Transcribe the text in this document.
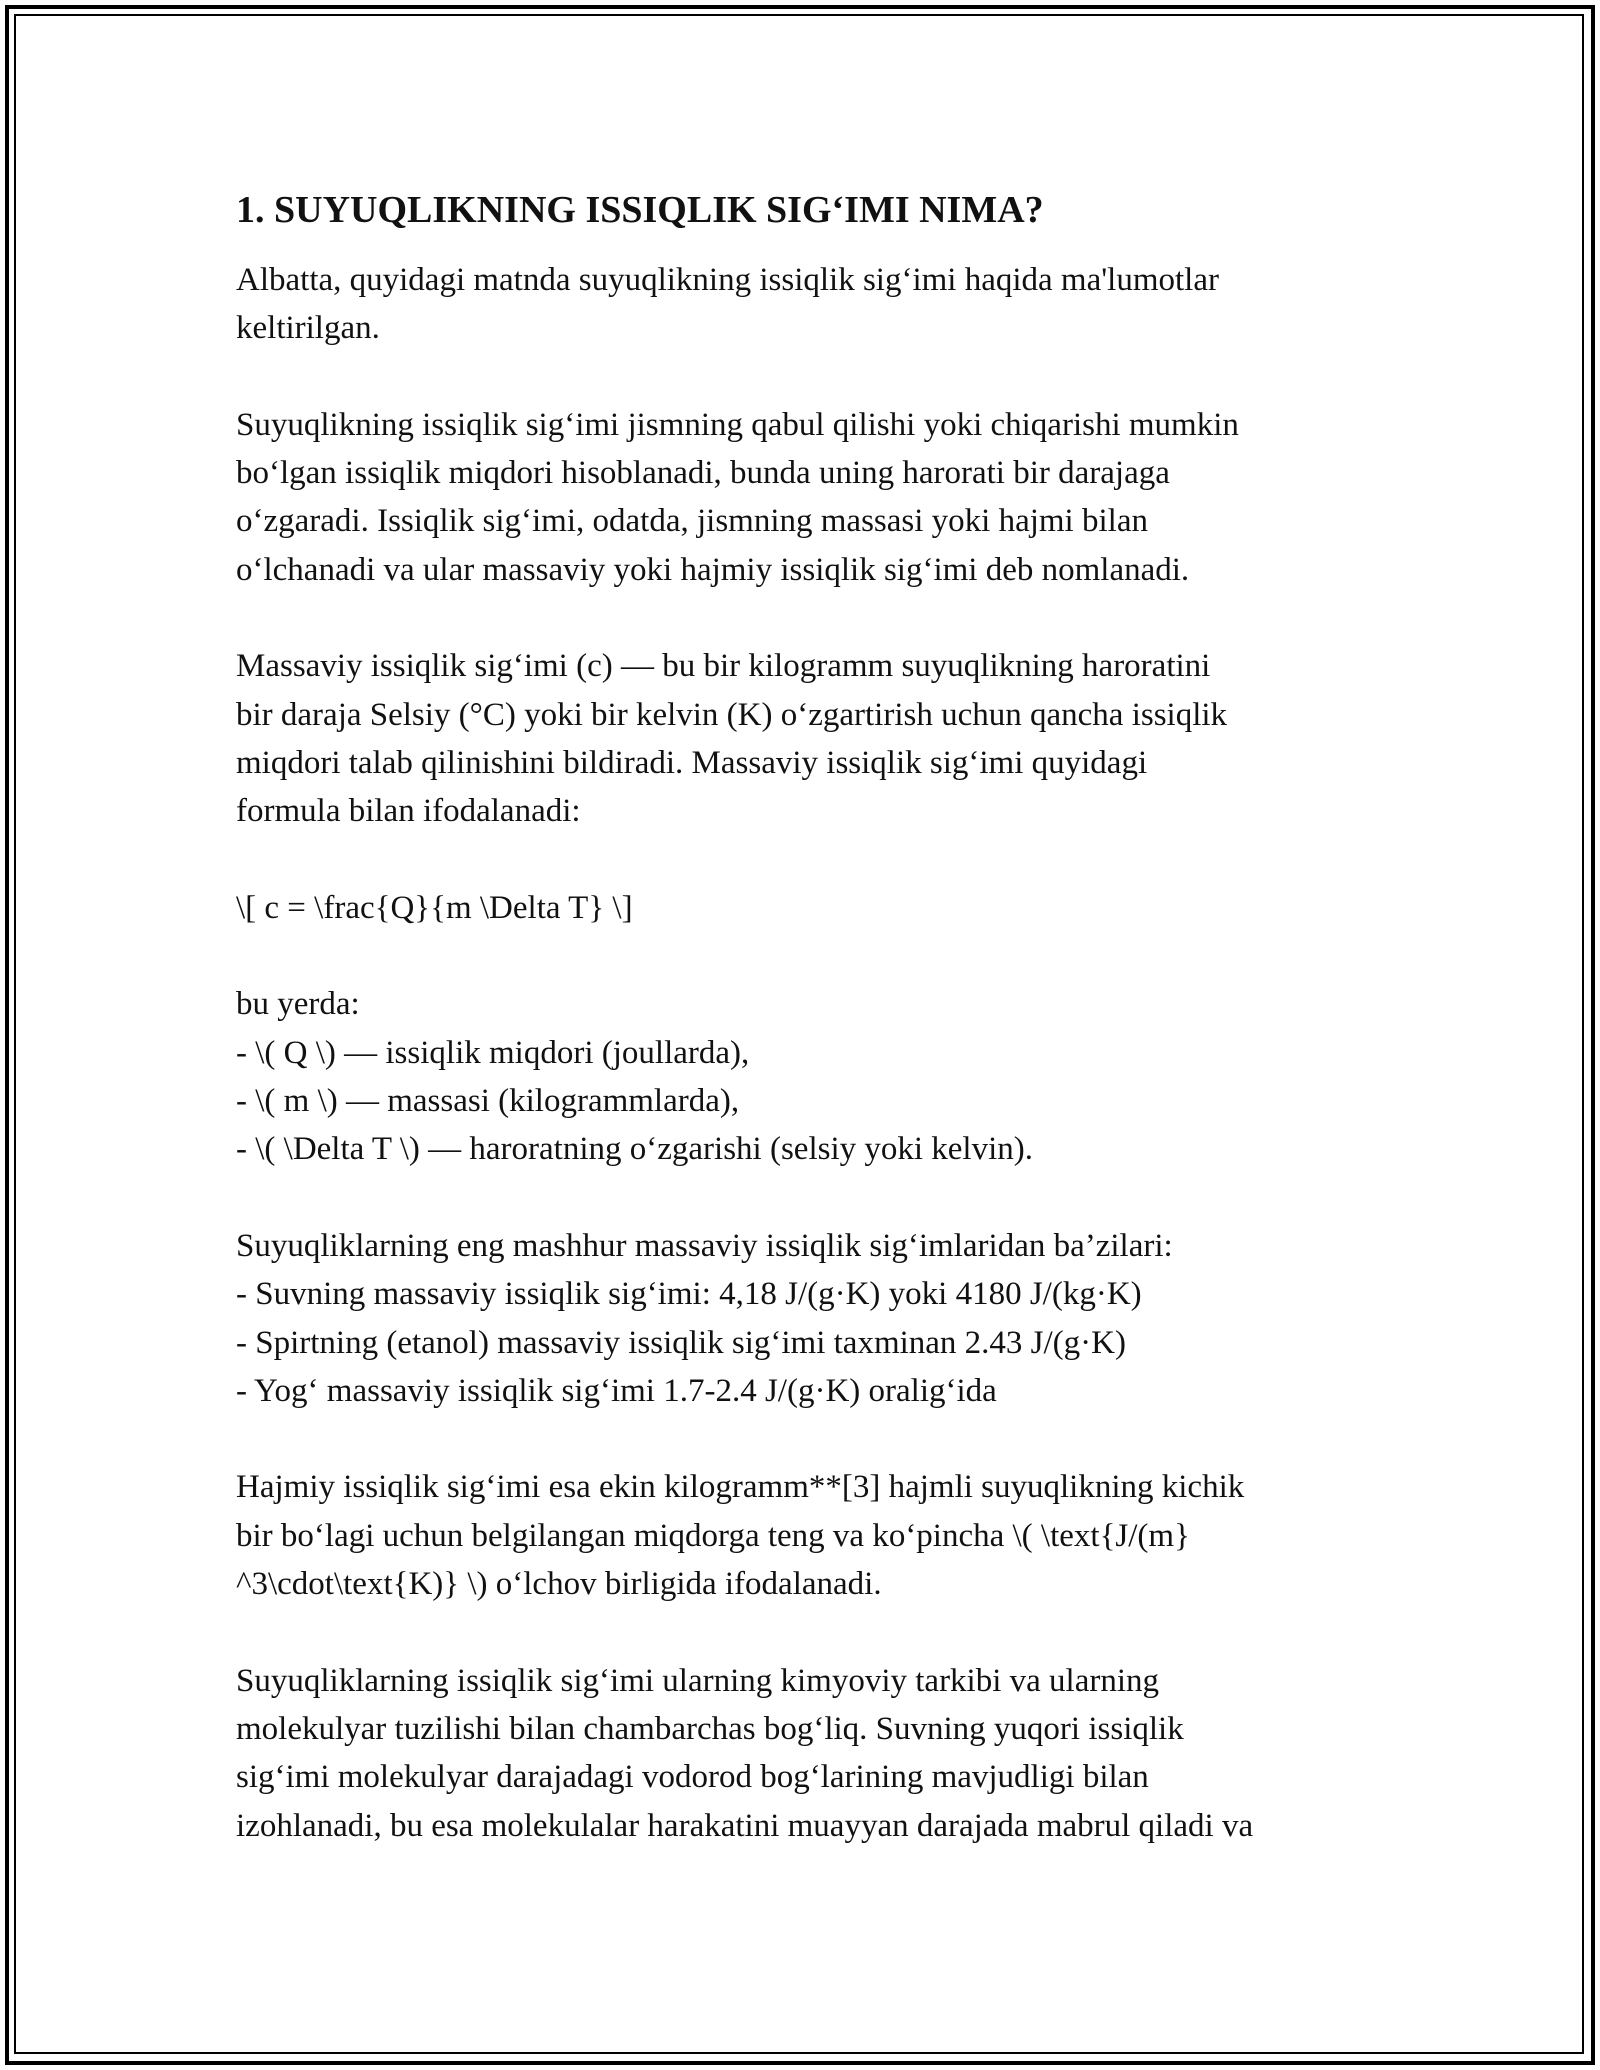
1. SUYUQLIKNING ISSIQLIK SIG‘IMI NIMA?

Albatta, quyidagi matnda suyuqlikning issiqlik sig‘imi haqida ma'lumotlar
keltirilgan.

Suyuqlikning issiqlik sig‘imi jismning qabul qilishi yoki chiqarishi mumkin
bo‘lgan issiqlik miqdori hisoblanadi, bunda uning harorati bir darajaga
o‘zgaradi. Issiqlik sig‘imi, odatda, jismning massasi yoki hajmi bilan
o‘lchanadi va ular massaviy yoki hajmiy issiqlik sig‘imi deb nomlanadi.

Massaviy issiqlik sig‘imi (c) — bu bir kilogramm suyuqlikning haroratini
bir daraja Selsiy (°C) yoki bir kelvin (K) o‘zgartirish uchun qancha issiqlik
miqdori talab qilinishini bildiradi. Massaviy issiqlik sig‘imi quyidagi
formula bilan ifodalanadi:

\[ c = \frac{Q}{m \Delta T} \]

bu yerda:
- \( Q \) — issiqlik miqdori (joullarda),
- \( m \) — massasi (kilogrammlarda),
- \( \Delta T \) — haroratning o‘zgarishi (selsiy yoki kelvin).

Suyuqliklarning eng mashhur massaviy issiqlik sig‘imlaridan ba’zilari:
- Suvning massaviy issiqlik sig‘imi: 4,18 J/(g·K) yoki 4180 J/(kg·K)
- Spirtning (etanol) massaviy issiqlik sig‘imi taxminan 2.43 J/(g·K)
- Yog‘ massaviy issiqlik sig‘imi 1.7-2.4 J/(g·K) oralig‘ida

Hajmiy issiqlik sig‘imi esa ekin kilogramm**[3] hajmli suyuqlikning kichik
bir bo‘lagi uchun belgilangan miqdorga teng va ko‘pincha \( \text{J/(m}
^3\cdot\text{K)} \) o‘lchov birligida ifodalanadi.

Suyuqliklarning issiqlik sig‘imi ularning kimyoviy tarkibi va ularning
molekulyar tuzilishi bilan chambarchas bog‘liq. Suvning yuqori issiqlik
sig‘imi molekulyar darajadagi vodorod bog‘larining mavjudligi bilan
izohlanadi, bu esa molekulalar harakatini muayyan darajada mabrul qiladi va
